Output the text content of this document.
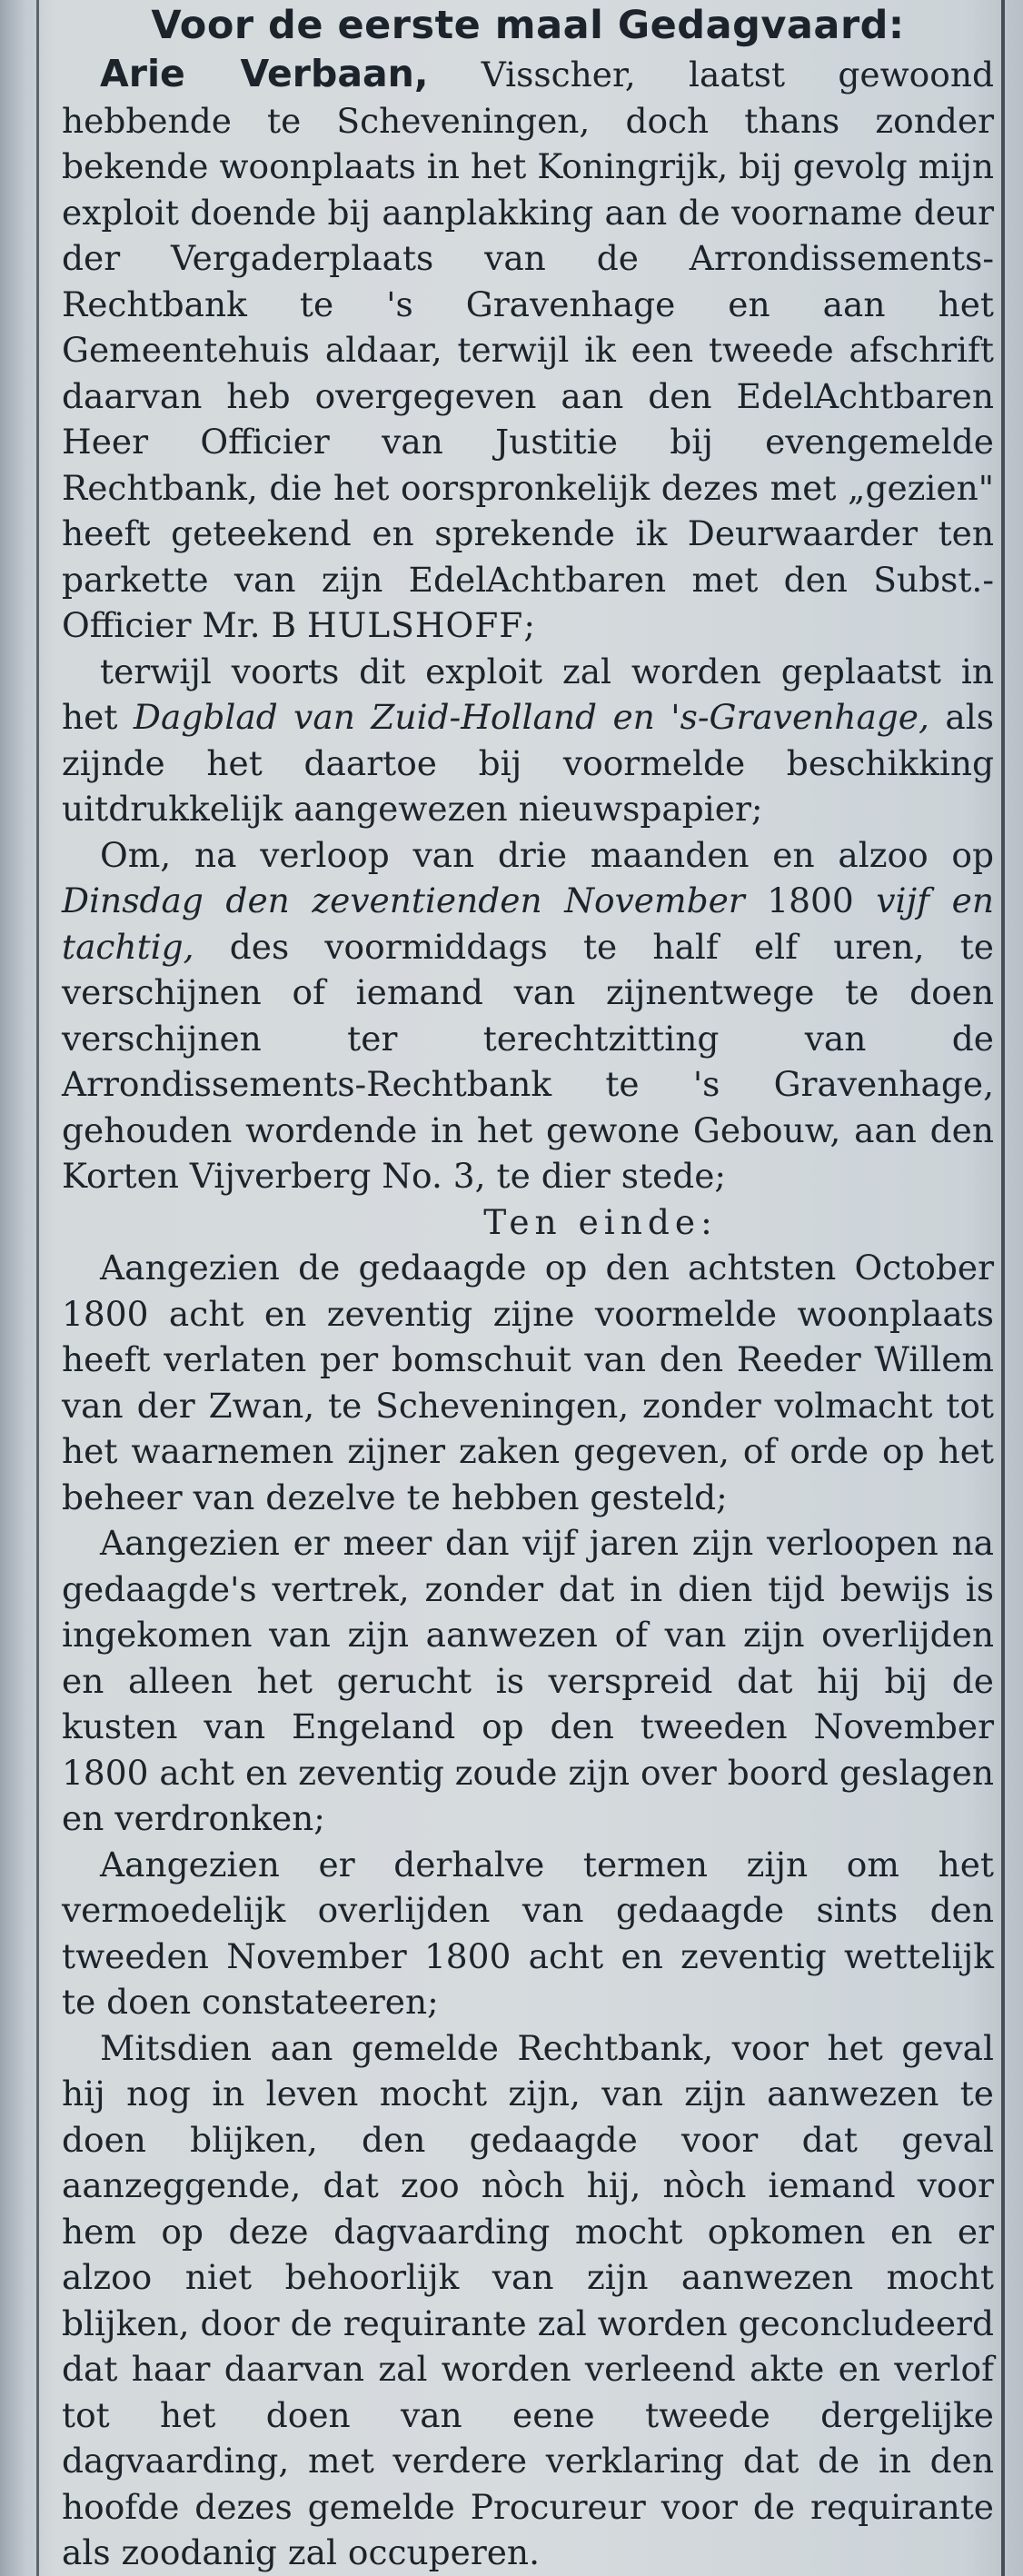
Voor de eerste maal Gedagvaard:

Arie Verbaan, Visscher, laatst gewoond hebbende te Scheveningen, doch thans zonder bekende woonplaats in het Koningrijk, bij gevolg mijn exploit doende bij aanplakking aan de voorname deur der Vergaderplaats van de Arrondissements-Rechtbank te 's Gravenhage en aan het Gemeentehuis aldaar, terwijl ik een tweede afschrift daarvan heb overgegeven aan den EdelAchtbaren Heer Officier van Justitie bij evengemelde Rechtbank, die het oorspronkelijk dezes met „gezien" heeft geteekend en sprekende ik Deurwaarder ten parkette van zijn EdelAchtbaren met den Subst.-Officier Mr. B HULSHOFF;

terwijl voorts dit exploit zal worden geplaatst in het Dagblad van Zuid-Holland en 's-Gravenhage, als zijnde het daartoe bij voormelde beschikking uitdrukkelijk aangewezen nieuwspapier;

Om, na verloop van drie maanden en alzoo op Dinsdag den zeventienden November 1800 vijf en tachtig, des voormiddags te half elf uren, te verschijnen of iemand van zijnentwege te doen verschijnen ter terechtzitting van de Arrondissements-Rechtbank te 's Gravenhage, gehouden wordende in het gewone Gebouw, aan den Korten Vijverberg No. 3, te dier stede;

Ten einde:

Aangezien de gedaagde op den achtsten October 1800 acht en zeventig zijne voormelde woonplaats heeft verlaten per bomschuit van den Reeder Willem van der Zwan, te Scheveningen, zonder volmacht tot het waarnemen zijner zaken gegeven, of orde op het beheer van dezelve te hebben gesteld;

Aangezien er meer dan vijf jaren zijn verloopen na gedaagde's vertrek, zonder dat in dien tijd bewijs is ingekomen van zijn aanwezen of van zijn overlijden en alleen het gerucht is verspreid dat hij bij de kusten van Engeland op den tweeden November 1800 acht en zeventig zoude zijn over boord geslagen en verdronken;

Aangezien er derhalve termen zijn om het vermoedelijk overlijden van gedaagde sints den tweeden November 1800 acht en zeventig wettelijk te doen constateeren;

Mitsdien aan gemelde Rechtbank, voor het geval hij nog in leven mocht zijn, van zijn aanwezen te doen blijken, den gedaagde voor dat geval aanzeggende, dat zoo nòch hij, nòch iemand voor hem op deze dagvaarding mocht opkomen en er alzoo niet behoorlijk van zijn aanwezen mocht blijken, door de requirante zal worden geconcludeerd dat haar daarvan zal worden verleend akte en verlof tot het doen van eene tweede dergelijke dagvaarding, met verdere verklaring dat de in den hoofde dezes gemelde Procureur voor de requirante als zoodanig zal occuperen.
